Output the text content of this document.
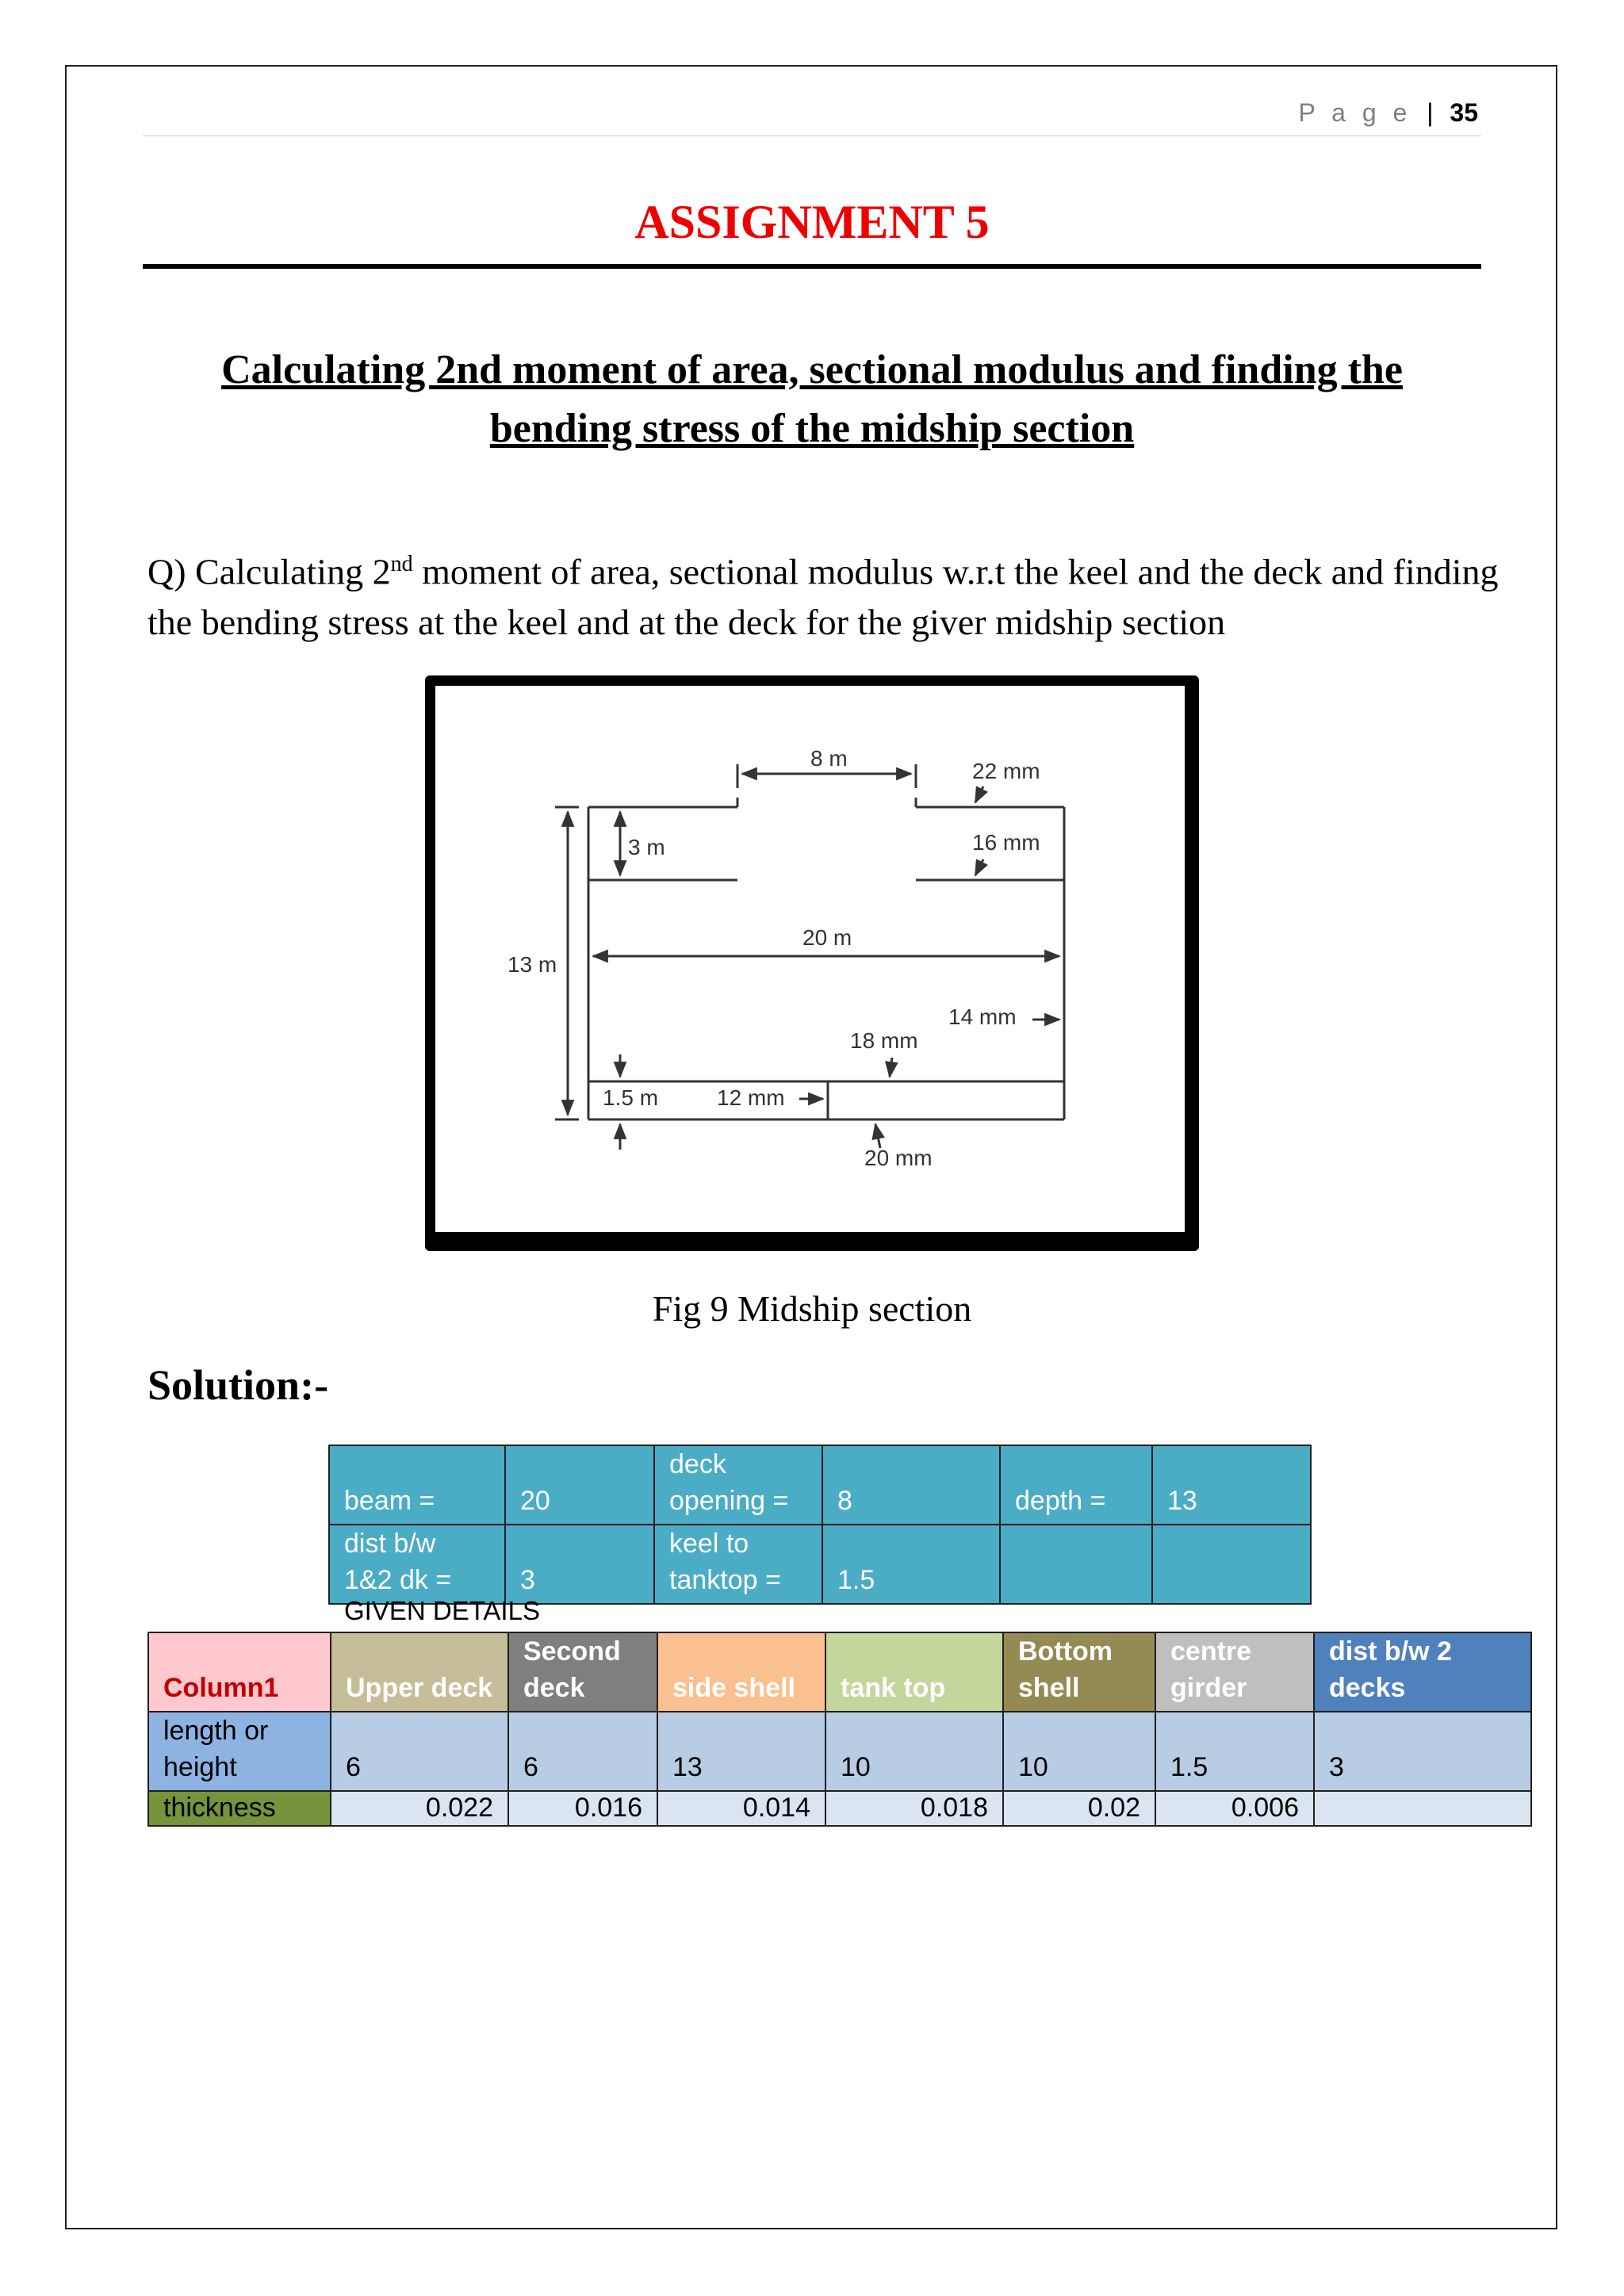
P a g e | 35
ASSIGNMENT 5
Calculating 2nd moment of area, sectional modulus and finding the bending stress of the midship section
Q) Calculating 2nd moment of area, sectional modulus w.r.t the keel and the deck and finding the bending stress at the keel and at the deck for the giver midship section
8 m
22 mm
3 m	16 mm
20 m
13 m
14 mm
18 mm
1.5 m	12 mm
20 mm
Fig 9 Midship section
Solution:-
beam =	20	deck opening =	8	depth =	13
dist b/w 1&2 dk =	3	keel to tanktop =	1.5		
GIVEN DETAILS
Column1	Upper deck	Second deck	side shell	tank top	Bottom shell	centre girder	dist b/w 2 decks
length or height	6	6	13	10	10	1.5	3
thickness	0.022	0.016	0.014	0.018	0.02	0.006	
